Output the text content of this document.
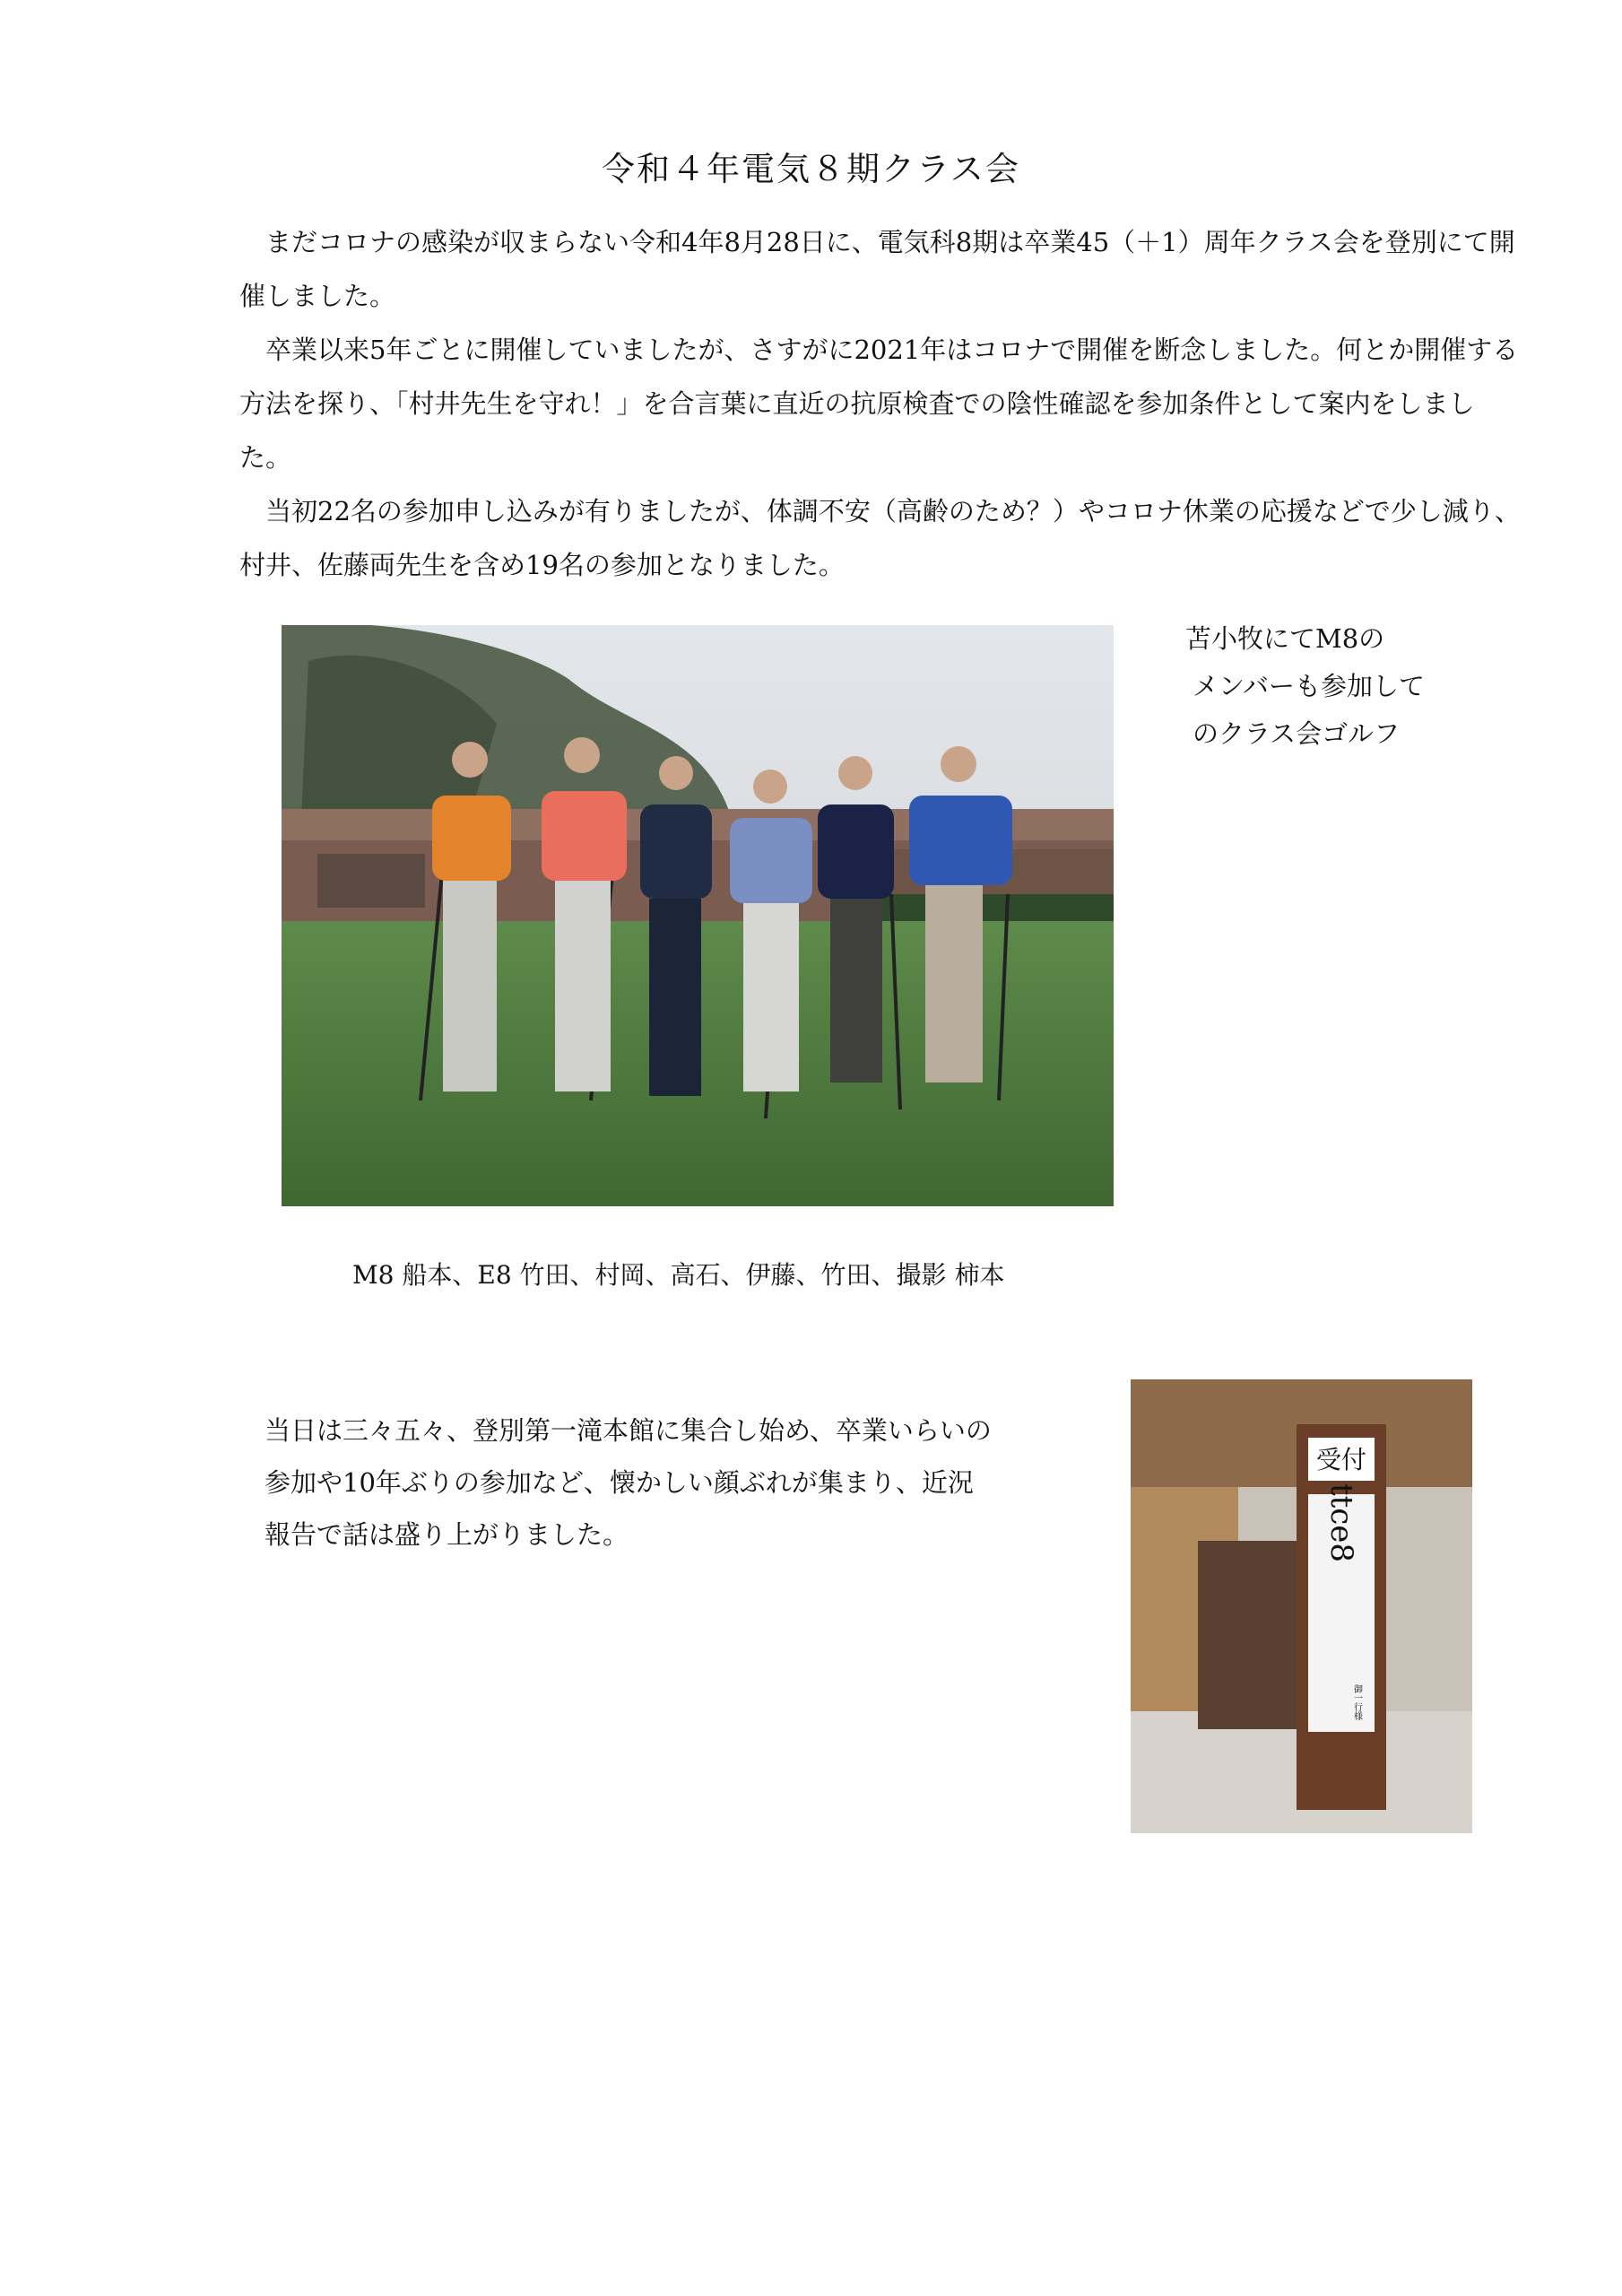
令和４年電気８期クラス会

まだコロナの感染が収まらない令和4年8月28日に、電気科8期は卒業45（＋1）周年クラス会を登別にて開催しました。

卒業以来5年ごとに開催していましたが、さすがに2021年はコロナで開催を断念しました。何とか開催する方法を探り、「村井先生を守れ！」を合言葉に直近の抗原検査での陰性確認を参加条件として案内をしました。

当初22名の参加申し込みが有りましたが、体調不安（高齢のため？）やコロナ休業の応援などで少し減り、村井、佐藤両先生を含め19名の参加となりました。

苫小牧にてM8の
メンバーも参加して
のクラス会ゴルフ
M8 船本、E8 竹田、村岡、高石、伊藤、竹田、撮影 柿本

当日は三々五々、登別第一滝本館に集合し始め、卒業いらいの

参加や10年ぶりの参加など、懐かしい顔ぶれが集まり、近況

報告で話は盛り上がりました。

受付
ttce8
御一行様
